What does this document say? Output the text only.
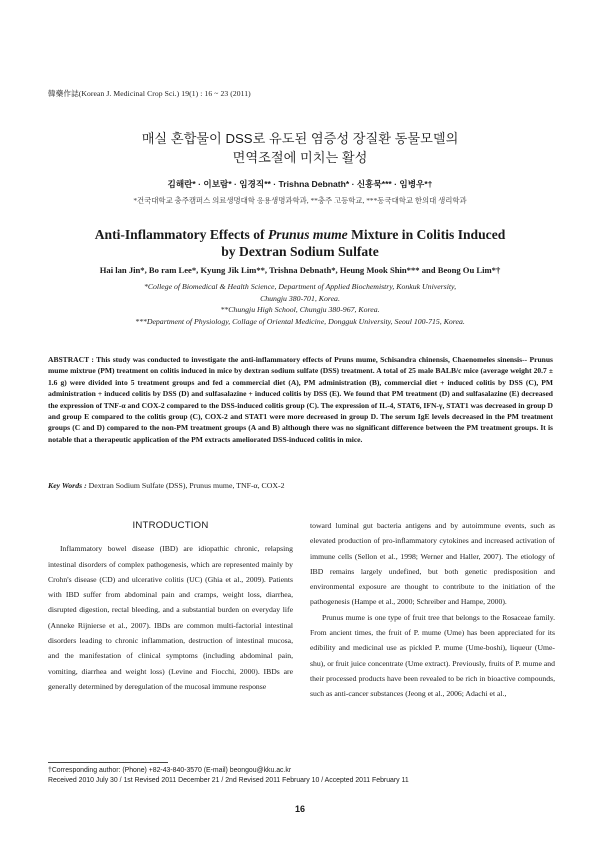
韓藥作誌(Korean J. Medicinal Crop Sci.) 19(1) : 16 ~ 23 (2011)
매실 혼합물이 DSS로 유도된 염증성 장질환 동물모델의
면역조절에 미치는 활성
김해란* · 이보람* · 임경직** · Trishna Debnath* · 신흥묵*** · 임병우*†
*건국대학교 충주캠퍼스 의료생명대학 응용생명과학과, **충주 고등학교, ***동국대학교 한의대 생리학과
Anti-Inflammatory Effects of Prunus mume Mixture in Colitis Induced
by Dextran Sodium Sulfate
Hai lan Jin*, Bo ram Lee*, Kyung Jik Lim**, Trishna Debnath*, Heung Mook Shin*** and Beong Ou Lim*†
*College of Biomedical & Health Science, Department of Applied Biochemistry, Konkuk University,
Chungju 380-701, Korea.
**Chungju High School, Chungju 380-967, Korea.
***Department of Physiology, Collage of Oriental Medicine, Dongguk University, Seoul 100-715, Korea.
ABSTRACT : This study was conducted to investigate the anti-inflammatory effects of Pruns mume, Schisandra chinensis, Chaenomeles sinensis-- Prunus mume mixtrue (PM) treatment on colitis induced in mice by dextran sodium sulfate (DSS) treatment. A total of 25 male BALB/c mice (average weight 20.7 ± 1.6 g) were divided into 5 treatment groups and fed a commercial diet (A), PM administration (B), commercial diet + induced colitis by DSS (C), PM administration + induced colitis by DSS (D) and sulfasalazine + induced colitis by DSS (E). We found that PM treatment (D) and sulfasalazine (E) decreased the expression of TNF-α and COX-2 compared to the DSS-induced colitis group (C). The expression of IL-4, STAT6, IFN-γ, STAT1 was decreased in group D and group E compared to the colitis group (C), COX-2 and STAT1 were more decreased in group D. The serum IgE levels decreased in the PM treatment groups (C and D) compared to the non-PM treatment groups (A and B) although there was no significant difference between the PM treatment groups. It is notable that a therapeutic application of the PM extracts ameliorated DSS-induced colitis in mice.
Key Words : Dextran Sodium Sulfate (DSS), Prunus mume, TNF-α, COX-2
INTRODUCTION

Inflammatory bowel disease (IBD) are idiopathic chronic, relapsing intestinal disorders of complex pathogenesis, which are represented mainly by Crohn's disease (CD) and ulcerative colitis (UC) (Ghia et al., 2009). Patients with IBD suffer from abdominal pain and cramps, weight loss, diarrhea, disrupted digestion, rectal bleeding, and a substantial burden on everyday life (Anneke Rijnierse et al., 2007). IBDs are common multi-factorial intestinal disorders leading to chronic inflammation, destruction of intestinal mucosa, and the manifestation of clinical symptoms (including abdominal pain, vomiting, diarrhea and weight loss) (Levine and Fiocchi, 2000). IBDs are generally determined by deregulation of the mucosal immune response

toward luminal gut bacteria antigens and by autoimmune events, such as elevated production of pro-inflammatory cytokines and increased activation of immune cells (Sellon et al., 1998; Werner and Haller, 2007). The etiology of IBD remains largely undefined, but both genetic predisposition and environmental exposure are thought to contribute to the initiation of the pathogenesis (Hampe et al., 2000; Schreiber and Hampe, 2000).

Prunus mume is one type of fruit tree that belongs to the Rosaceae family. From ancient times, the fruit of P. mume (Ume) has been appreciated for its edibility and medicinal use as pickled P. mume (Ume-boshi), liqueur (Ume-shu), or fruit juice concentrate (Ume extract). Previously, fruits of P. mume and their processed products have been revealed to be rich in bioactive compounds, such as anti-cancer substances (Jeong et al., 2006; Adachi et al.,

†Corresponding author: (Phone) +82-43-840-3570 (E-mail) beongou@kku.ac.kr
Received 2010 July 30 / 1st Revised 2011 December 21 / 2nd Revised 2011 February 10 / Accepted 2011 February 11
16
